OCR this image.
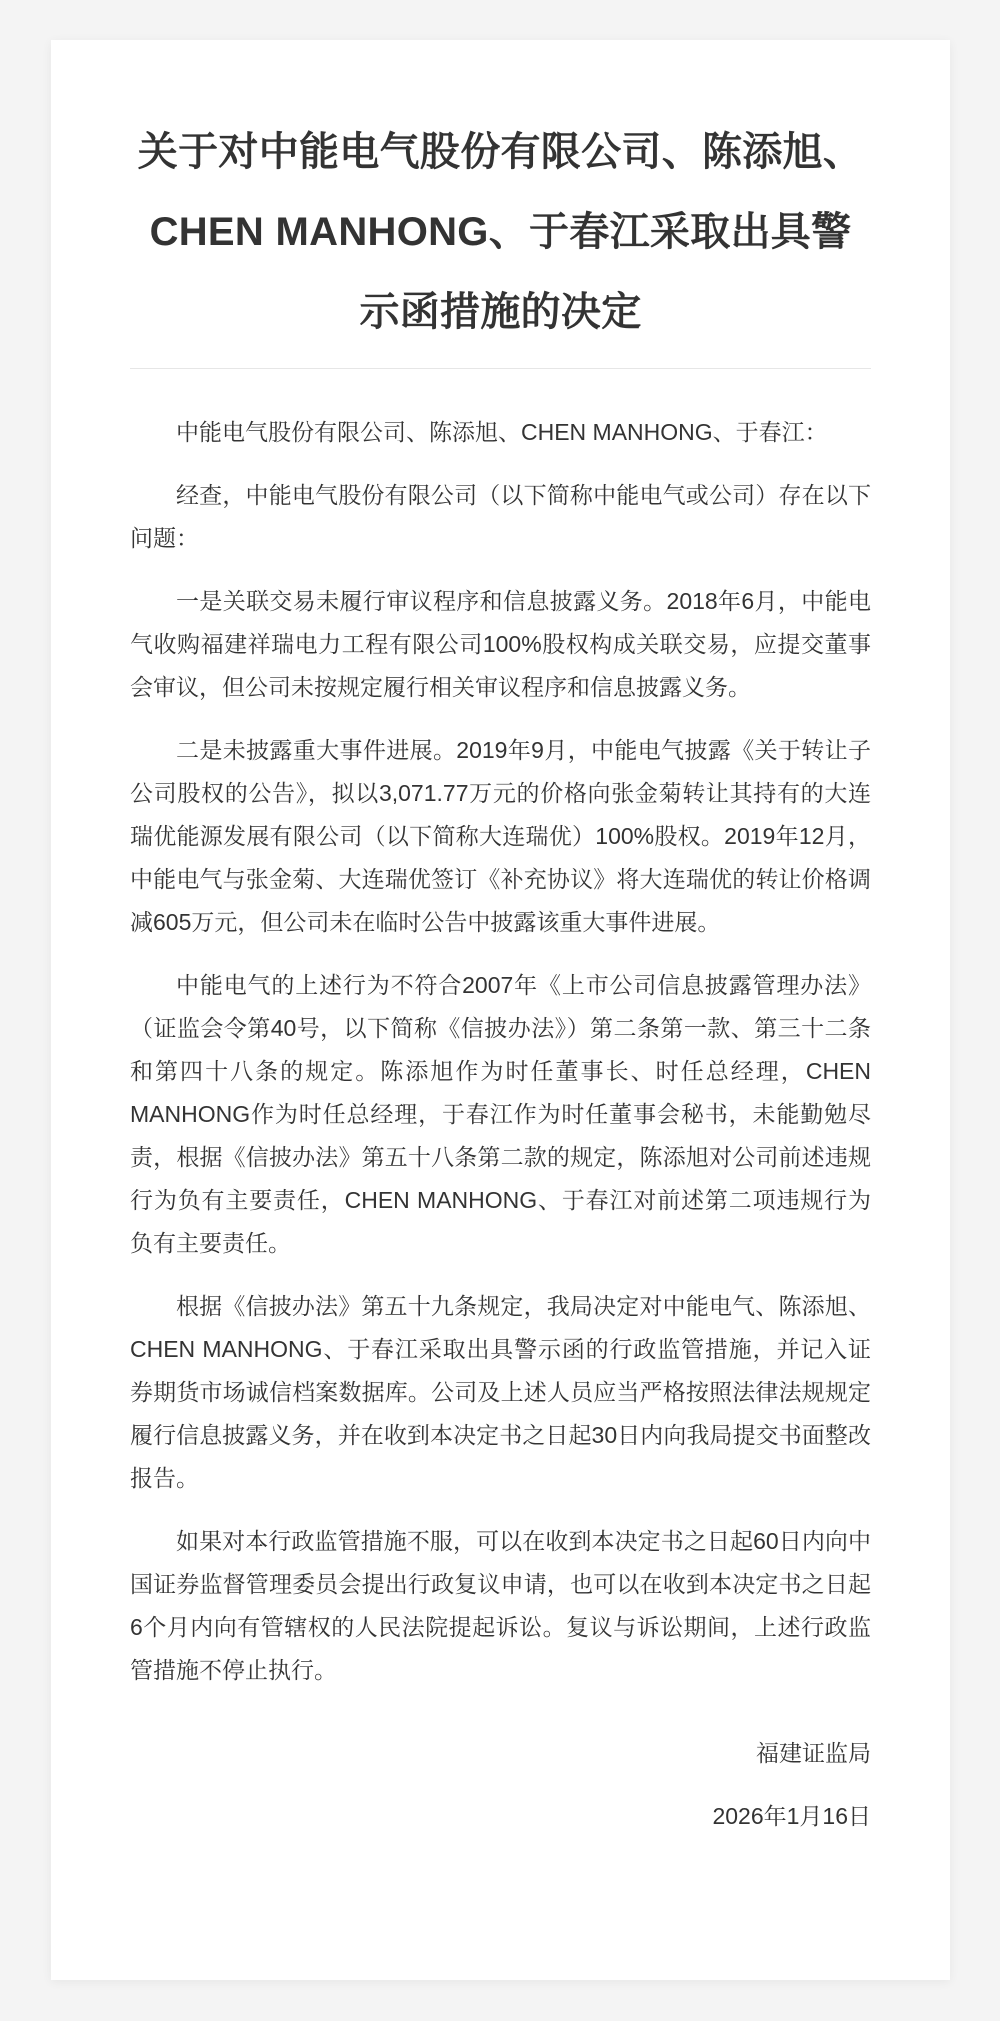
关于对中能电气股份有限公司、陈添旭、CHEN MANHONG、于春江采取出具警示函措施的决定

中能电气股份有限公司、陈添旭、CHEN MANHONG、于春江：

经查，中能电气股份有限公司（以下简称中能电气或公司）存在以下问题：

一是关联交易未履行审议程序和信息披露义务。2018年6月，中能电气收购福建祥瑞电力工程有限公司100%股权构成关联交易，应提交董事会审议，但公司未按规定履行相关审议程序和信息披露义务。

二是未披露重大事件进展。2019年9月，中能电气披露《关于转让子公司股权的公告》，拟以3,071.77万元的价格向张金菊转让其持有的大连瑞优能源发展有限公司（以下简称大连瑞优）100%股权。2019年12月，中能电气与张金菊、大连瑞优签订《补充协议》将大连瑞优的转让价格调减605万元，但公司未在临时公告中披露该重大事件进展。

中能电气的上述行为不符合2007年《上市公司信息披露管理办法》（证监会令第40号，以下简称《信披办法》）第二条第一款、第三十二条和第四十八条的规定。陈添旭作为时任董事长、时任总经理，CHEN MANHONG作为时任总经理，于春江作为时任董事会秘书，未能勤勉尽责，根据《信披办法》第五十八条第二款的规定，陈添旭对公司前述违规行为负有主要责任，CHEN MANHONG、于春江对前述第二项违规行为负有主要责任。

根据《信披办法》第五十九条规定，我局决定对中能电气、陈添旭、CHEN MANHONG、于春江采取出具警示函的行政监管措施，并记入证券期货市场诚信档案数据库。公司及上述人员应当严格按照法律法规规定履行信息披露义务，并在收到本决定书之日起30日内向我局提交书面整改报告。

如果对本行政监管措施不服，可以在收到本决定书之日起60日内向中国证券监督管理委员会提出行政复议申请，也可以在收到本决定书之日起6个月内向有管辖权的人民法院提起诉讼。复议与诉讼期间，上述行政监管措施不停止执行。

福建证监局

2026年1月16日
